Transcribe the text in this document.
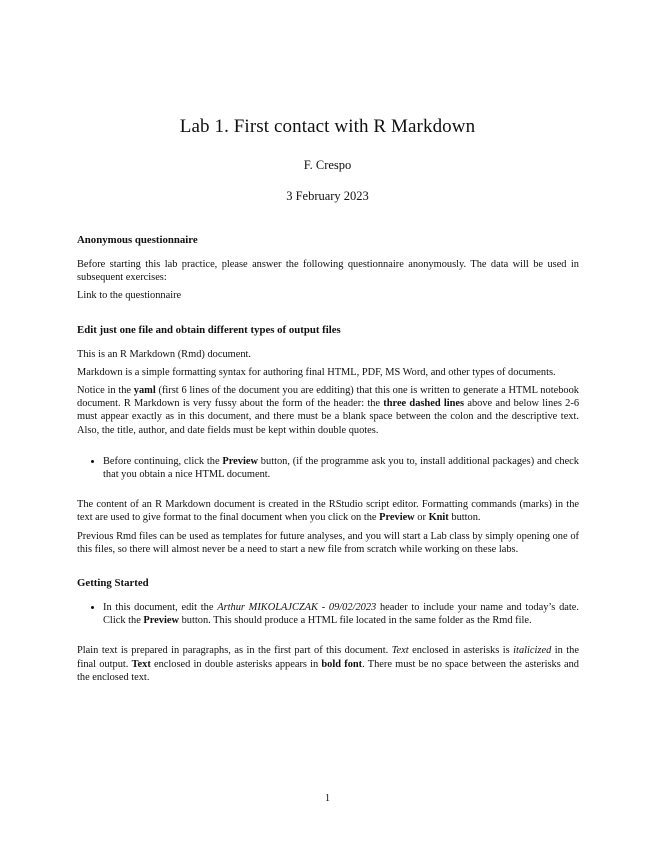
Lab 1. First contact with R Markdown
F. Crespo
3 February 2023
Anonymous questionnaire

Before starting this lab practice, please answer the following questionnaire anonymously. The data will be used in subsequent exercises:

Link to the questionnaire

Edit just one file and obtain different types of output files

This is an R Markdown (Rmd) document.

Markdown is a simple formatting syntax for authoring final HTML, PDF, MS Word, and other types of documents.

Notice in the yaml (first 6 lines of the document you are edditing) that this one is written to generate a HTML notebook document. R Markdown is very fussy about the form of the header: the three dashed lines above and below lines 2-6 must appear exactly as in this document, and there must be a blank space between the colon and the descriptive text. Also, the title, author, and date fields must be kept within double quotes.

• Before continuing, click the Preview button, (if the programme ask you to, install additional packages) and check that you obtain a nice HTML document.

The content of an R Markdown document is created in the RStudio script editor. Formatting commands (marks) in the text are used to give format to the final document when you click on the Preview or Knit button.

Previous Rmd files can be used as templates for future analyses, and you will start a Lab class by simply opening one of this files, so there will almost never be a need to start a new file from scratch while working on these labs.

Getting Started
• In this document, edit the Arthur MIKOLAJCZAK - 09/02/2023 header to include your name and today’s date. Click the Preview button. This should produce a HTML file located in the same folder as the Rmd file.

Plain text is prepared in paragraphs, as in the first part of this document. Text enclosed in asterisks is italicized in the final output. Text enclosed in double asterisks appears in bold font. There must be no space between the asterisks and the enclosed text.

1
